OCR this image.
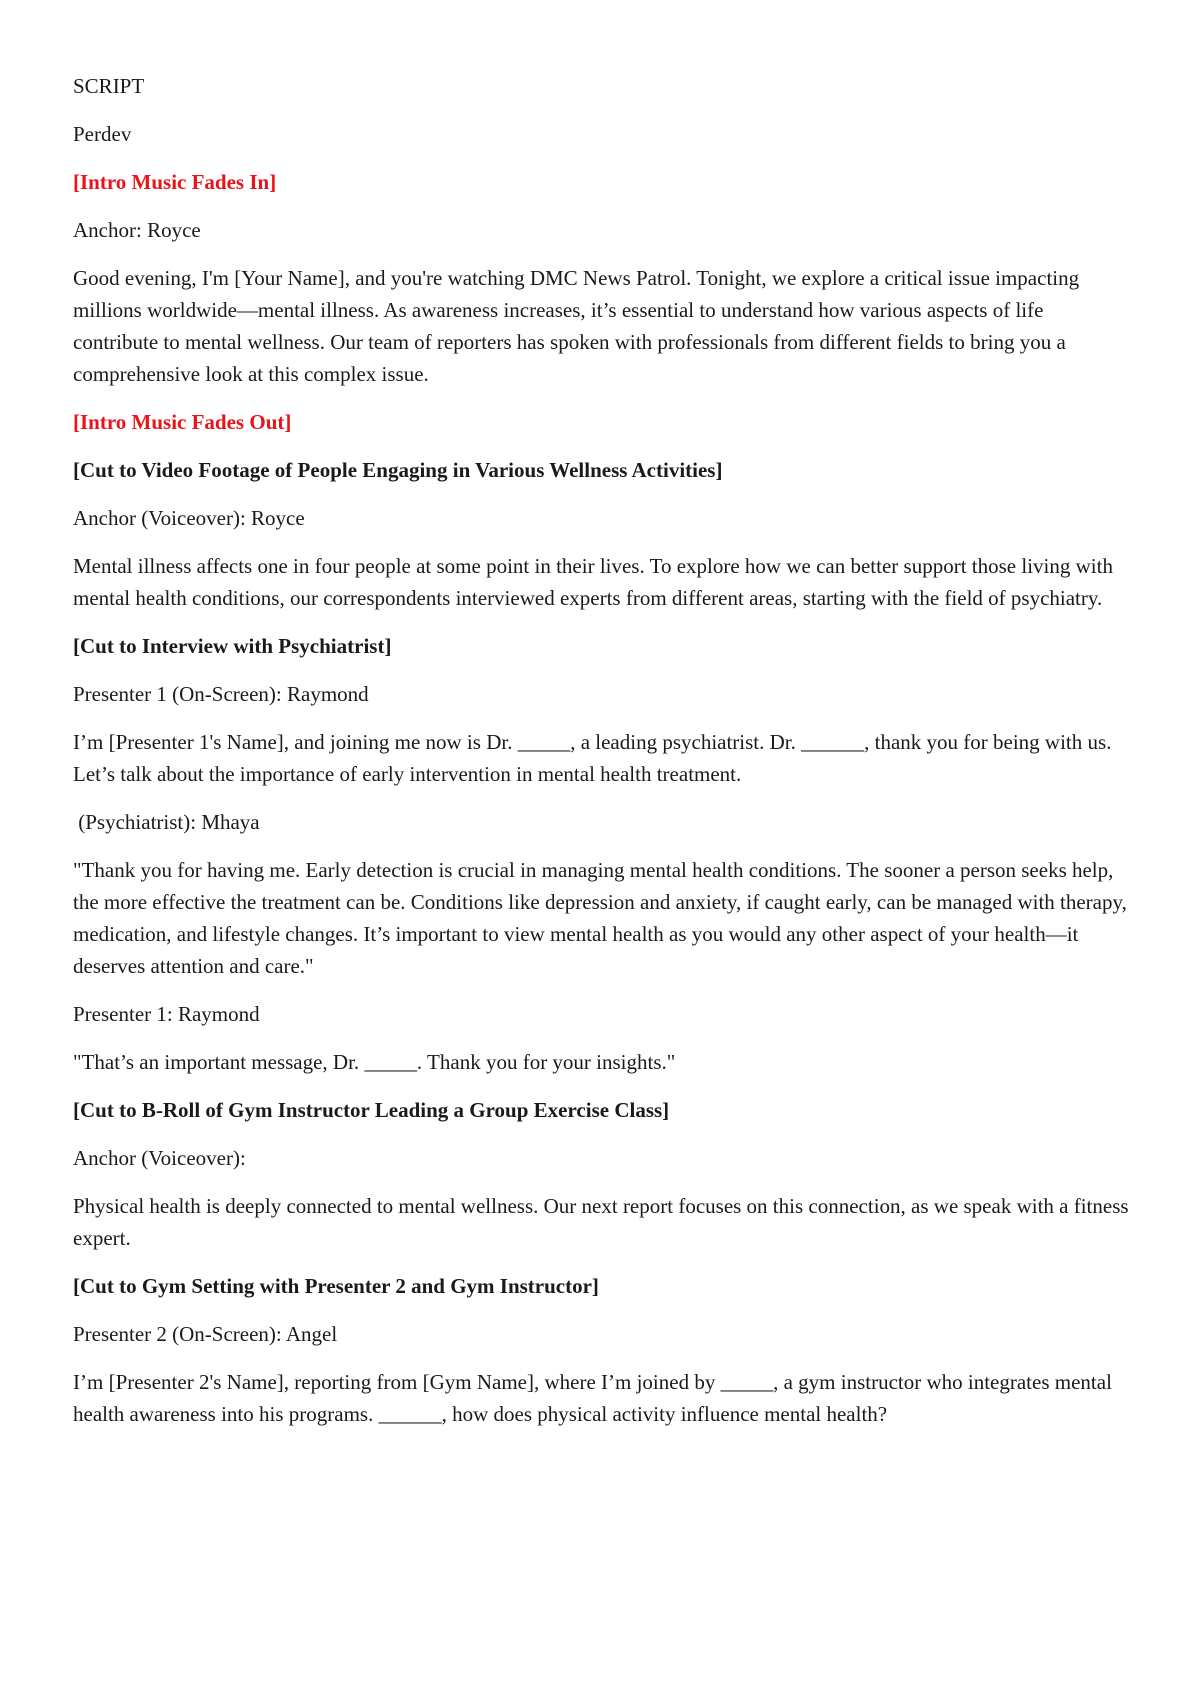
SCRIPT

Perdev

[Intro Music Fades In]

Anchor: Royce

Good evening, I'm [Your Name], and you're watching DMC News Patrol. Tonight, we explore a critical issue impacting millions worldwide—mental illness. As awareness increases, it’s essential to understand how various aspects of life contribute to mental wellness. Our team of reporters has spoken with professionals from different fields to bring you a comprehensive look at this complex issue.

[Intro Music Fades Out]

[Cut to Video Footage of People Engaging in Various Wellness Activities]

Anchor (Voiceover): Royce

Mental illness affects one in four people at some point in their lives. To explore how we can better support those living with mental health conditions, our correspondents interviewed experts from different areas, starting with the field of psychiatry.

[Cut to Interview with Psychiatrist]

Presenter 1 (On-Screen): Raymond

I’m [Presenter 1's Name], and joining me now is Dr. _____, a leading psychiatrist. Dr. ______, thank you for being with us. Let’s talk about the importance of early intervention in mental health treatment.

(Psychiatrist): Mhaya

"Thank you for having me. Early detection is crucial in managing mental health conditions. The sooner a person seeks help, the more effective the treatment can be. Conditions like depression and anxiety, if caught early, can be managed with therapy, medication, and lifestyle changes. It’s important to view mental health as you would any other aspect of your health—it deserves attention and care."

Presenter 1: Raymond

"That’s an important message, Dr. _____. Thank you for your insights."

[Cut to B-Roll of Gym Instructor Leading a Group Exercise Class]

Anchor (Voiceover):

Physical health is deeply connected to mental wellness. Our next report focuses on this connection, as we speak with a fitness expert.

[Cut to Gym Setting with Presenter 2 and Gym Instructor]

Presenter 2 (On-Screen): Angel

I’m [Presenter 2's Name], reporting from [Gym Name], where I’m joined by _____, a gym instructor who integrates mental health awareness into his programs. ______, how does physical activity influence mental health?
